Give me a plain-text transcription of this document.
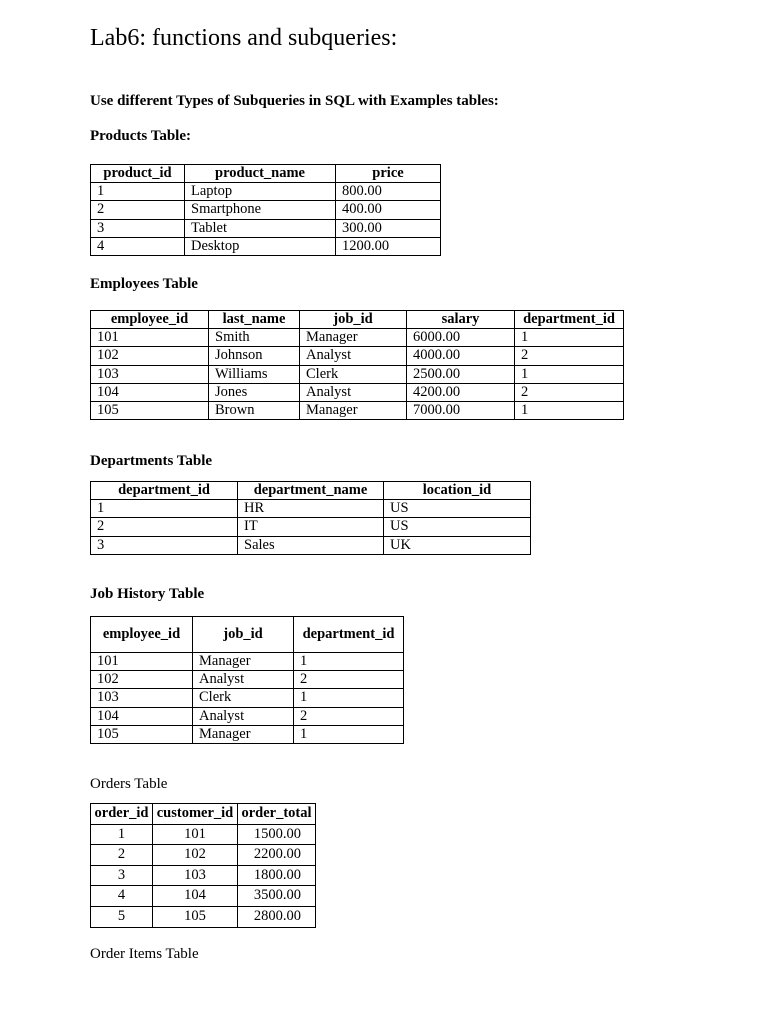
Lab6: functions and subqueries:

Use different Types of Subqueries in SQL with Examples tables:

Products Table:

product_id	product_name	price
1	Laptop	800.00
2	Smartphone	400.00
3	Tablet	300.00
4	Desktop	1200.00

Employees Table

employee_id	last_name	job_id	salary	department_id
101	Smith	Manager	6000.00	1
102	Johnson	Analyst	4000.00	2
103	Williams	Clerk	2500.00	1
104	Jones	Analyst	4200.00	2
105	Brown	Manager	7000.00	1

Departments Table

department_id	department_name	location_id
1	HR	US
2	IT	US
3	Sales	UK

Job History Table

employee_id	job_id	department_id
101	Manager	1
102	Analyst	2
103	Clerk	1
104	Analyst	2
105	Manager	1

Orders Table

order_id	customer_id	order_total
1	101	1500.00
2	102	2200.00
3	103	1800.00
4	104	3500.00
5	105	2800.00

Order Items Table
